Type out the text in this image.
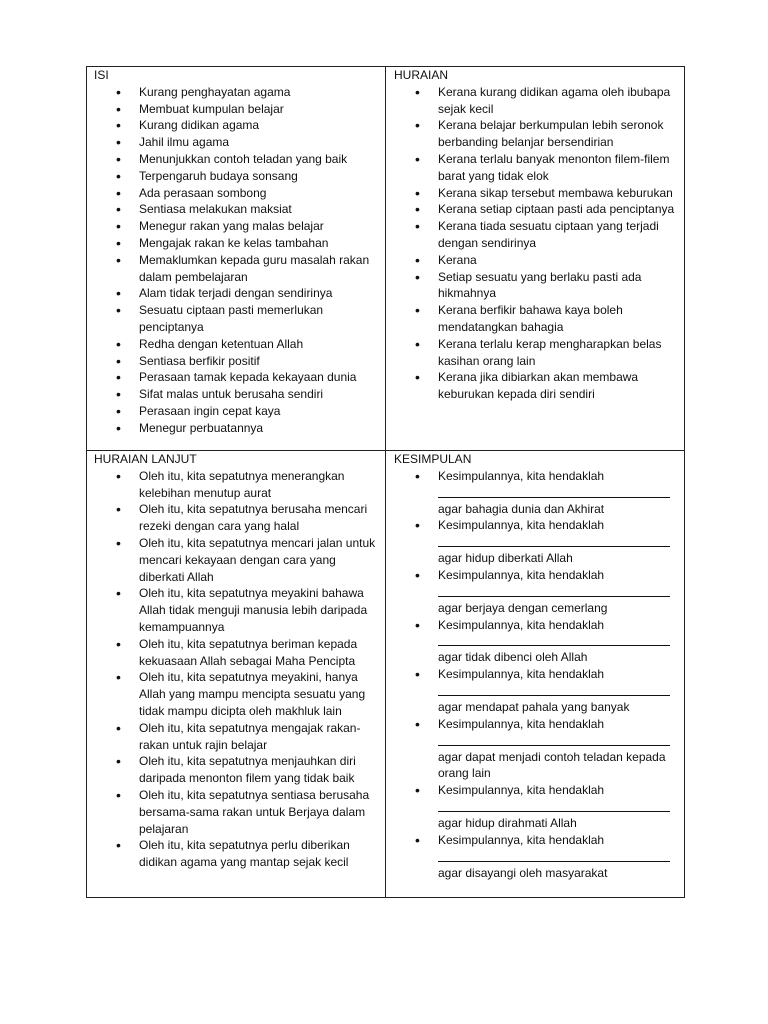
ISI
• Kurang penghayatan agama
• Membuat kumpulan belajar
• Kurang didikan agama
• Jahil ilmu agama
• Menunjukkan contoh teladan yang baik
• Terpengaruh budaya sonsang
• Ada perasaan sombong
• Sentiasa melakukan maksiat
• Menegur rakan yang malas belajar
• Mengajak rakan ke kelas tambahan
• Memaklumkan kepada guru masalah rakan dalam pembelajaran
• Alam tidak terjadi dengan sendirinya
• Sesuatu ciptaan pasti memerlukan penciptanya
• Redha dengan ketentuan Allah
• Sentiasa berfikir positif
• Perasaan tamak kepada kekayaan dunia
• Sifat malas untuk berusaha sendiri
• Perasaan ingin cepat kaya
• Menegur perbuatannya
HURAIAN
• Kerana kurang didikan agama oleh ibubapa sejak kecil
• Kerana belajar berkumpulan lebih seronok berbanding belanjar bersendirian
• Kerana terlalu banyak menonton filem-filem barat yang tidak elok
• Kerana sikap tersebut membawa keburukan
• Kerana setiap ciptaan pasti ada penciptanya
• Kerana tiada sesuatu ciptaan yang terjadi dengan sendirinya
• Kerana
• Setiap sesuatu yang berlaku pasti ada hikmahnya
• Kerana berfikir bahawa kaya boleh mendatangkan bahagia
• Kerana terlalu kerap mengharapkan belas kasihan orang lain
• Kerana jika dibiarkan akan membawa keburukan kepada diri sendiri
HURAIAN LANJUT
• Oleh itu, kita sepatutnya menerangkan kelebihan menutup aurat
• Oleh itu, kita sepatutnya berusaha mencari rezeki dengan cara yang halal
• Oleh itu, kita sepatutnya mencari jalan untuk mencari kekayaan dengan cara yang diberkati Allah
• Oleh itu, kita sepatutnya meyakini bahawa Allah tidak menguji manusia lebih daripada kemampuannya
• Oleh itu, kita sepatutnya beriman kepada kekuasaan Allah sebagai Maha Pencipta
• Oleh itu, kita sepatutnya meyakini, hanya Allah yang mampu mencipta sesuatu yang tidak mampu dicipta oleh makhluk lain
• Oleh itu, kita sepatutnya mengajak rakan-rakan untuk rajin belajar
• Oleh itu, kita sepatutnya menjauhkan diri daripada menonton filem yang tidak baik
• Oleh itu, kita sepatutnya sentiasa berusaha bersama-sama rakan untuk Berjaya dalam pelajaran
• Oleh itu, kita sepatutnya perlu diberikan didikan agama yang mantap sejak kecil
KESIMPULAN
• Kesimpulannya, kita hendaklah
agar bahagia dunia dan Akhirat
• Kesimpulannya, kita hendaklah
agar hidup diberkati Allah
• Kesimpulannya, kita hendaklah
agar berjaya dengan cemerlang
• Kesimpulannya, kita hendaklah
agar tidak dibenci oleh Allah
• Kesimpulannya, kita hendaklah
agar mendapat pahala yang banyak
• Kesimpulannya, kita hendaklah
agar dapat menjadi contoh teladan kepada orang lain
• Kesimpulannya, kita hendaklah
agar hidup dirahmati Allah
• Kesimpulannya, kita hendaklah
agar disayangi oleh masyarakat
